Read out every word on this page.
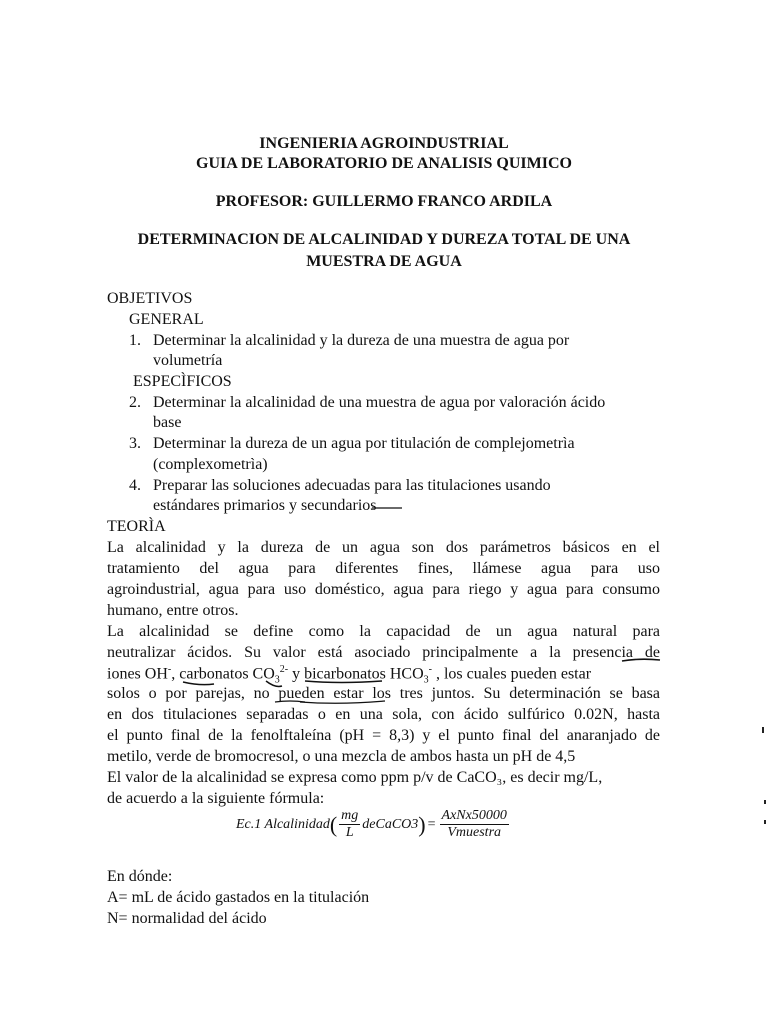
INGENIERIA AGROINDUSTRIAL
GUIA DE LABORATORIO DE ANALISIS QUIMICO
PROFESOR: GUILLERMO FRANCO ARDILA
DETERMINACION DE ALCALINIDAD Y DUREZA TOTAL DE UNA
MUESTRA DE AGUA
OBJETIVOS
GENERAL
1. Determinar la alcalinidad y la dureza de una muestra de agua por
volumetría
ESPECÌFICOS
2. Determinar la alcalinidad de una muestra de agua por valoración ácido
base
3. Determinar la dureza de un agua por titulación de complejometrìa
(complexometrìa)
4. Preparar las soluciones adecuadas para las titulaciones usando
estándares primarios y secundarios
TEORÌA
La alcalinidad y la dureza de un agua son dos parámetros básicos en el
tratamiento del agua para diferentes fines, llámese agua para uso
agroindustrial, agua para uso doméstico, agua para riego y agua para consumo
humano, entre otros.
La alcalinidad se define como la capacidad de un agua natural para
neutralizar ácidos. Su valor está asociado principalmente a la presencia de
iones OH-, carbonatos $CO_3^{2-}$ y bicarbonatos $HCO_3^-$ , los cuales pueden estar
solos o por parejas, no pueden estar los tres juntos. Su determinación se basa
en dos titulaciones separadas o en una sola, con ácido sulfúrico 0.02N, hasta
el punto final de la fenolftaleína (pH = 8,3) y el punto final del anaranjado de
metilo, verde de bromocresol, o una mezcla de ambos hasta un pH de 4,5
El valor de la alcalinidad se expresa como ppm p/v de CaCO₃, es decir mg/L,
de acuerdo a la siguiente fórmula:
Ec.1 Alcalinidad ( $\frac{mg}{L}$ deCaCO3 ) = $\frac{\text{AxNx50000}}{\text{Vmuestra}}$
En dónde:
A= mL de ácido gastados en la titulación
N= normalidad del ácido
